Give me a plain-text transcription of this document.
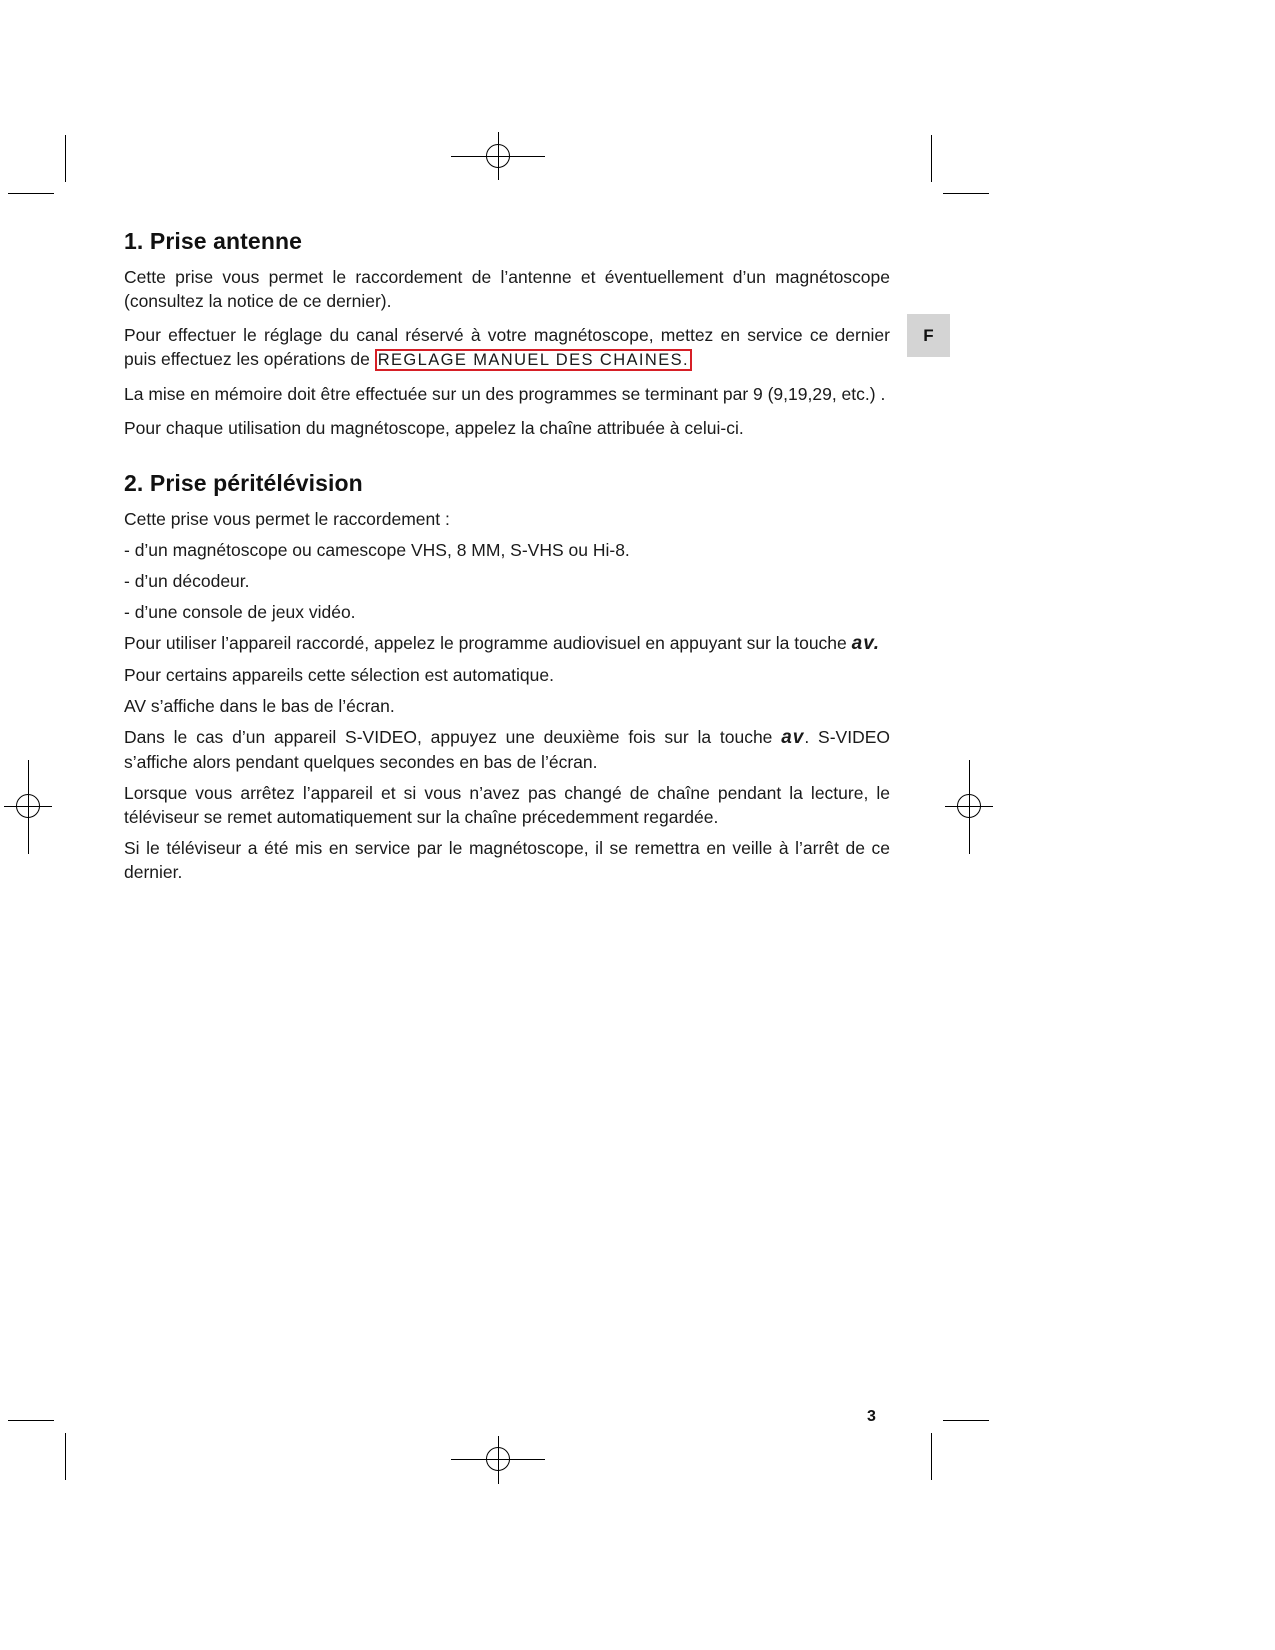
F
1. Prise antenne

Cette prise vous permet le raccordement de l’antenne et éventuellement d’un magnétoscope (consultez la notice de ce dernier).

Pour effectuer le réglage du canal réservé à votre magnétoscope, mettez en service ce dernier puis effectuez les opérations de REGLAGE MANUEL DES CHAINES.

La mise en mémoire doit être effectuée sur un des programmes se terminant par 9 (9,19,29, etc.) .

Pour chaque utilisation du magnétoscope, appelez la chaîne attribuée à celui-ci.

2. Prise péritélévision

Cette prise vous permet le raccordement :

- d’un magnétoscope ou camescope VHS, 8 MM, S-VHS ou Hi-8.

- d’un décodeur.

- d’une console de jeux vidéo.

Pour utiliser l’appareil raccordé, appelez le programme audiovisuel en appuyant sur la touche av.

Pour certains appareils cette sélection est automatique.

AV s’affiche dans le bas de l’écran.

Dans le cas d’un appareil S-VIDEO, appuyez une deuxième fois sur la touche av. S-VIDEO s’affiche alors pendant quelques secondes en bas de l’écran.

Lorsque vous arrêtez l’appareil et si vous n’avez pas changé de chaîne pendant la lecture, le téléviseur se remet automatiquement sur la chaîne précedemment regardée.

Si le téléviseur a été mis en service par le magnétoscope, il se remettra en veille à l’arrêt de ce dernier.

3
